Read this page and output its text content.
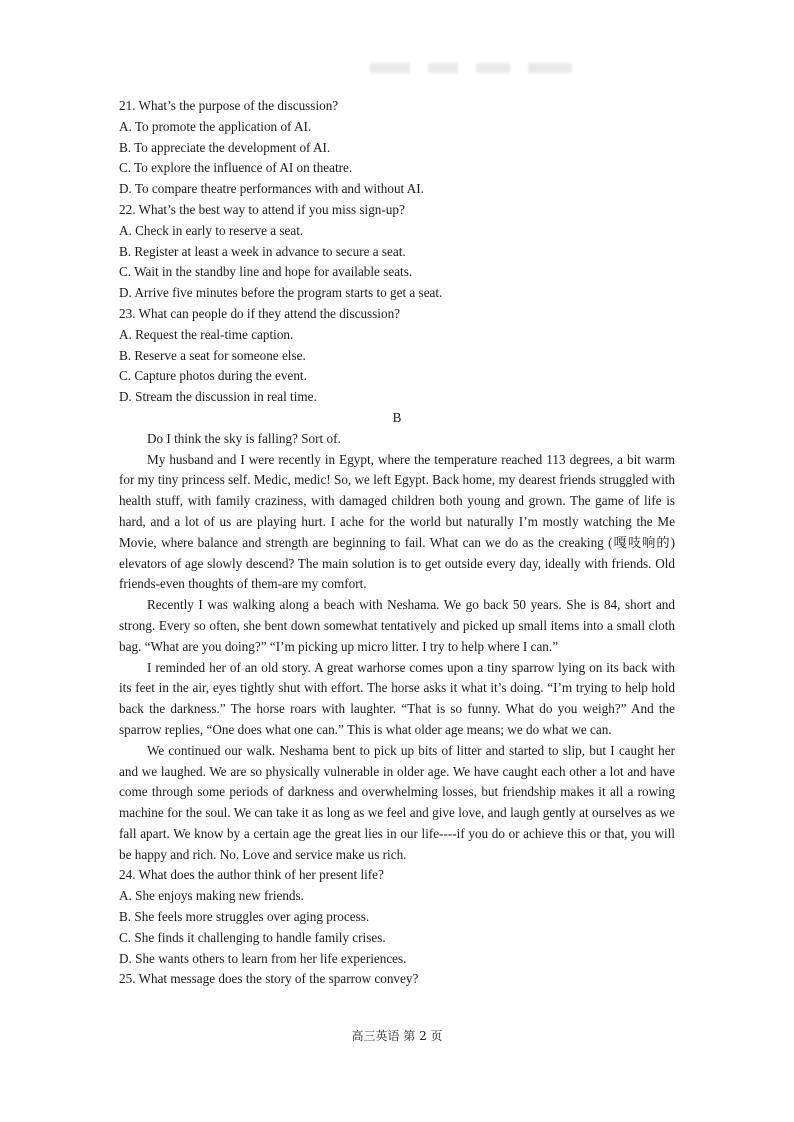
21. What’s the purpose of the discussion?

A. To promote the application of AI.

B. To appreciate the development of AI.

C. To explore the influence of AI on theatre.

D. To compare theatre performances with and without AI.

22. What’s the best way to attend if you miss sign-up?

A. Check in early to reserve a seat.

B. Register at least a week in advance to secure a seat.

C. Wait in the standby line and hope for available seats.

D. Arrive five minutes before the program starts to get a seat.

23. What can people do if they attend the discussion?

A. Request the real-time caption.

B. Reserve a seat for someone else.

C. Capture photos during the event.

D. Stream the discussion in real time.

B

Do I think the sky is falling? Sort of.

My husband and I were recently in Egypt, where the temperature reached 113 degrees, a bit warm for my tiny princess self. Medic, medic! So, we left Egypt. Back home, my dearest friends struggled with health stuff, with family craziness, with damaged children both young and grown. The game of life is hard, and a lot of us are playing hurt. I ache for the world but naturally I’m mostly watching the Me Movie, where balance and strength are beginning to fail. What can we do as the creaking (嘎吱响的) elevators of age slowly descend? The main solution is to get outside every day, ideally with friends. Old friends-even thoughts of them-are my comfort.

Recently I was walking along a beach with Neshama. We go back 50 years. She is 84, short and strong. Every so often, she bent down somewhat tentatively and picked up small items into a small cloth bag. “What are you doing?” “I’m picking up micro litter. I try to help where I can.”

I reminded her of an old story. A great warhorse comes upon a tiny sparrow lying on its back with its feet in the air, eyes tightly shut with effort. The horse asks it what it’s doing. “I’m trying to help hold back the darkness.” The horse roars with laughter. “That is so funny. What do you weigh?” And the sparrow replies, “One does what one can.” This is what older age means; we do what we can.

We continued our walk. Neshama bent to pick up bits of litter and started to slip, but I caught her and we laughed. We are so physically vulnerable in older age. We have caught each other a lot and have come through some periods of darkness and overwhelming losses, but friendship makes it all a rowing machine for the soul. We can take it as long as we feel and give love, and laugh gently at ourselves as we fall apart. We know by a certain age the great lies in our life----if you do or achieve this or that, you will be happy and rich. No. Love and service make us rich.

24. What does the author think of her present life?

A. She enjoys making new friends.

B. She feels more struggles over aging process.

C. She finds it challenging to handle family crises.

D. She wants others to learn from her life experiences.

25. What message does the story of the sparrow convey?

高三英语 第 2 页
